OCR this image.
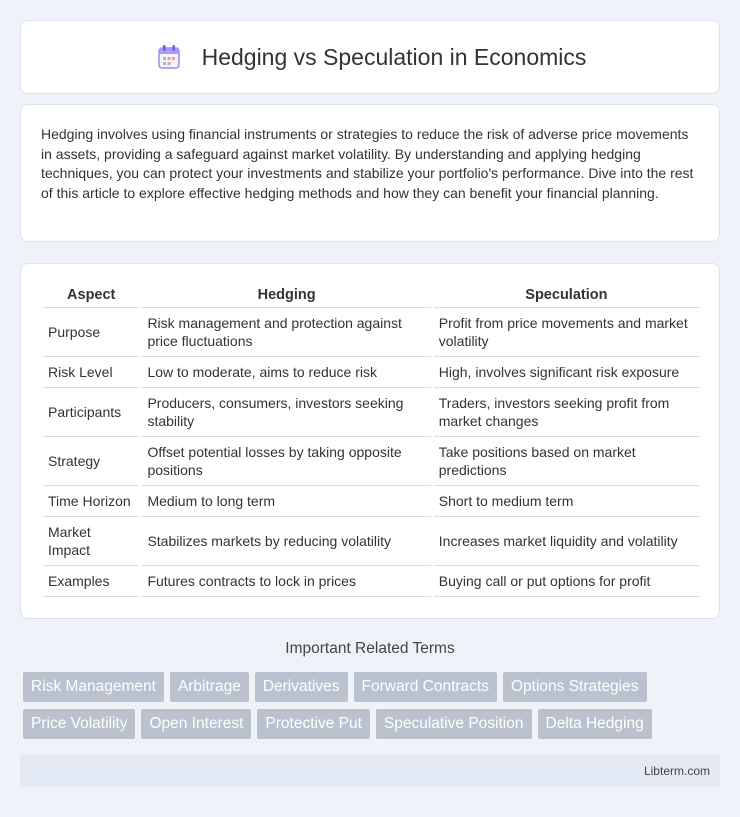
Hedging vs Speculation in Economics

Hedging involves using financial instruments or strategies to reduce the risk of adverse price movements in assets, providing a safeguard against market volatility. By understanding and applying hedging techniques, you can protect your investments and stabilize your portfolio's performance. Dive into the rest of this article to explore effective hedging methods and how they can benefit your financial planning.

Aspect	Hedging	Speculation
Purpose	Risk management and protection against price fluctuations	Profit from price movements and market volatility
Risk Level	Low to moderate, aims to reduce risk	High, involves significant risk exposure
Participants	Producers, consumers, investors seeking stability	Traders, investors seeking profit from market changes
Strategy	Offset potential losses by taking opposite positions	Take positions based on market predictions
Time Horizon	Medium to long term	Short to medium term
Market Impact	Stabilizes markets by reducing volatility	Increases market liquidity and volatility
Examples	Futures contracts to lock in prices	Buying call or put options for profit
Important Related Terms
Risk Management	Arbitrage	Derivatives	Forward Contracts	Options Strategies
Price Volatility	Open Interest	Protective Put	Speculative Position	Delta Hedging
Libterm.com
